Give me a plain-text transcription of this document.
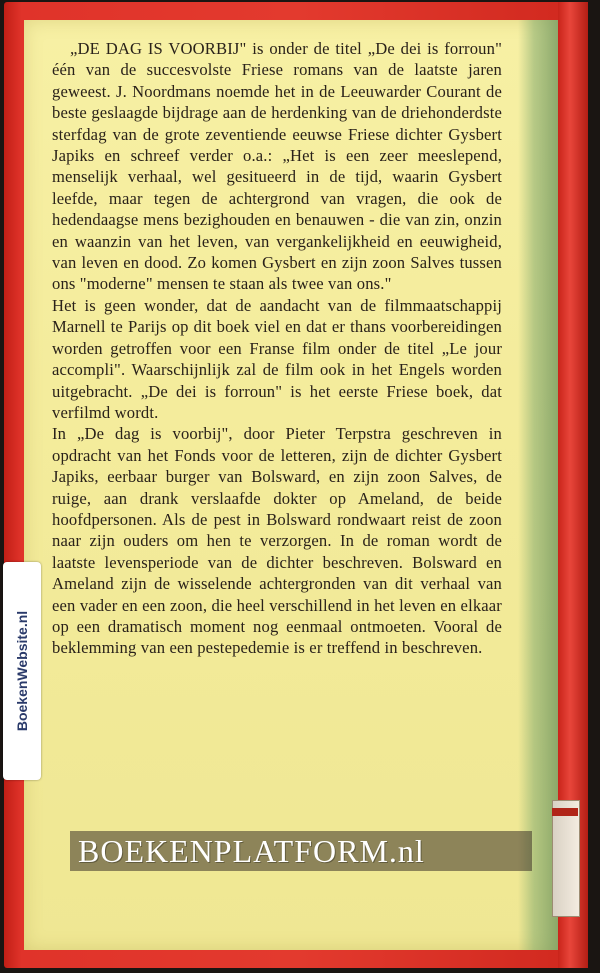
„DE DAG IS VOORBIJ" is onder de titel „De dei is forroun" één van de succesvolste Friese romans van de laatste jaren geweest. J. Noordmans noemde het in de Leeuwarder Courant de beste geslaagde bijdrage aan de herdenking van de driehonderdste sterfdag van de grote zeventiende eeuwse Friese dichter Gysbert Japiks en schreef verder o.a.: „Het is een zeer meeslepend, menselijk verhaal, wel gesitueerd in de tijd, waarin Gysbert leefde, maar tegen de achtergrond van vragen, die ook de hedendaagse mens bezighouden en benauwen - die van zin, onzin en waanzin van het leven, van vergankelijkheid en eeuwigheid, van leven en dood. Zo komen Gysbert en zijn zoon Salves tussen ons "moderne" mensen te staan als twee van ons."

Het is geen wonder, dat de aandacht van de filmmaatschappij Marnell te Parijs op dit boek viel en dat er thans voorbereidingen worden getroffen voor een Franse film onder de titel „Le jour accompli". Waarschijnlijk zal de film ook in het Engels worden uitgebracht. „De dei is forroun" is het eerste Friese boek, dat verfilmd wordt.

In „De dag is voorbij", door Pieter Terpstra geschreven in opdracht van het Fonds voor de letteren, zijn de dichter Gysbert Japiks, eerbaar burger van Bolsward, en zijn zoon Salves, de ruige, aan drank verslaafde dokter op Ameland, de beide hoofdpersonen. Als de pest in Bolsward rondwaart reist de zoon naar zijn ouders om hen te verzorgen. In de roman wordt de laatste levensperiode van de dichter beschreven. Bolsward en Ameland zijn de wisselende achtergronden van dit verhaal van een vader en een zoon, die heel verschillend in het leven en elkaar op een dramatisch moment nog eenmaal ontmoeten. Vooral de beklemming van een pestepedemie is er treffend in beschreven.

BoekenWebsite.nl
BOEKENPLATFORM.nl
